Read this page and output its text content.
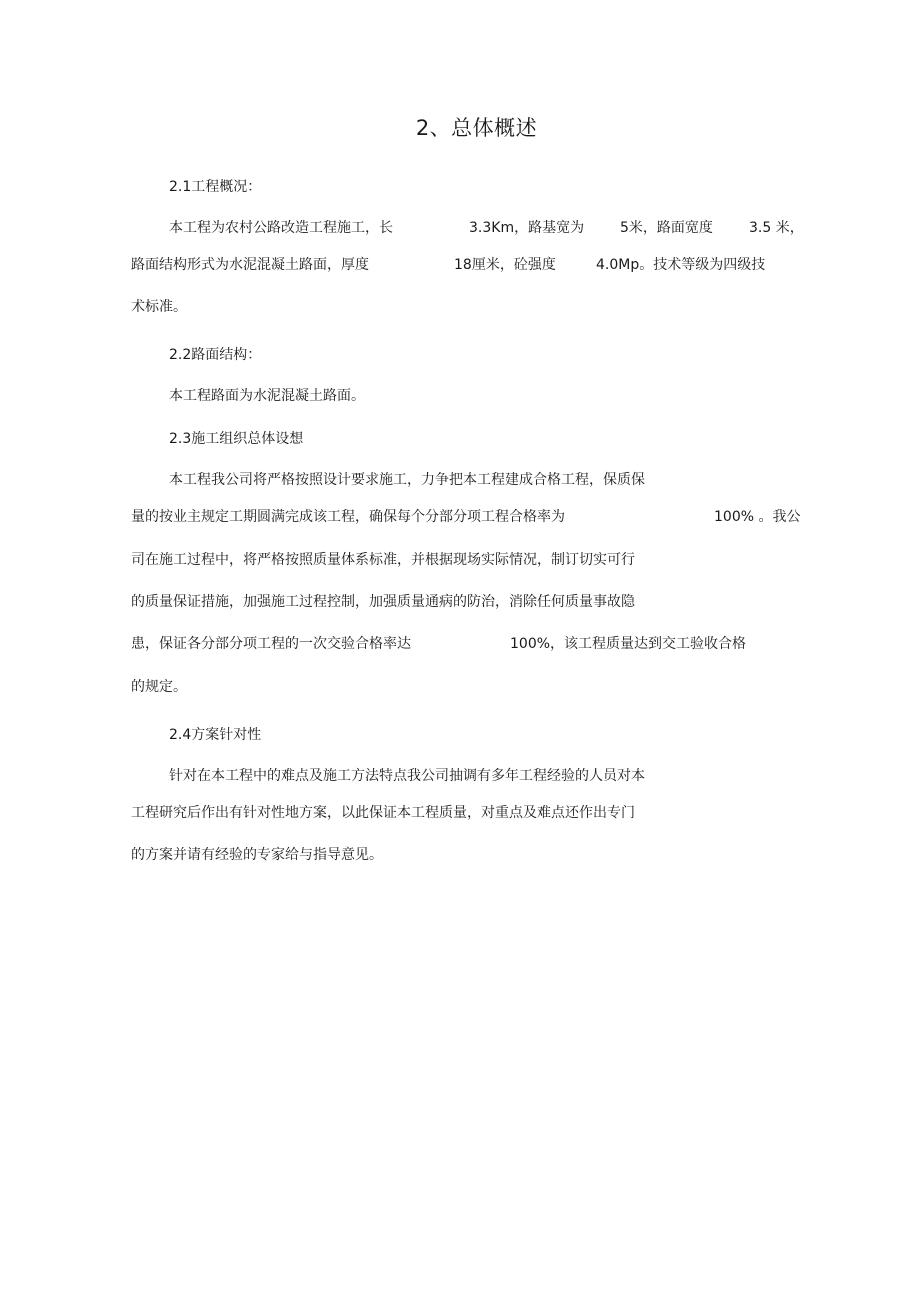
2、总体概述
2.1工程概况：
本工程为农村公路改造工程施工，长	3.3Km，路基宽为	5米，路面宽度	3.5 米，
路面结构形式为水泥混凝土路面，厚度	18厘米，砼强度	4.0Mp。技术等级为四级技
术标准。
2.2路面结构：
本工程路面为水泥混凝土路面。
2.3施工组织总体设想
本工程我公司将严格按照设计要求施工，力争把本工程建成合格工程，保质保
量的按业主规定工期圆满完成该工程，确保每个分部分项工程合格率为	100% 。我公
司在施工过程中，将严格按照质量体系标准，并根据现场实际情况，制订切实可行
的质量保证措施，加强施工过程控制，加强质量通病的防治，消除任何质量事故隐
患，保证各分部分项工程的一次交验合格率达	100%，该工程质量达到交工验收合格
的规定。
2.4方案针对性
针对在本工程中的难点及施工方法特点我公司抽调有多年工程经验的人员对本
工程研究后作出有针对性地方案，以此保证本工程质量，对重点及难点还作出专门
的方案并请有经验的专家给与指导意见。
